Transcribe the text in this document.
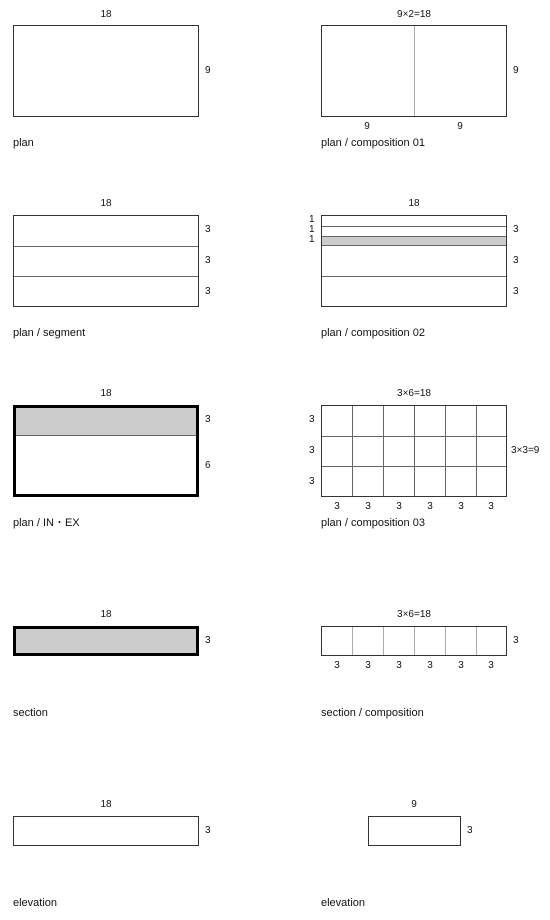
18
9
plan
9×2=18
9
9	9
plan / composition 01
18
3
3
3
plan / segment
18
1
1
1
3
3
3
plan / composition 02
18
3
6
plan / IN・EX
3×6=18
3
3
3
3×3=9
3	3	3	3	3 3
plan / composition 03
18
3
section
3×6=18
3
3	3	3	3	3 3
section / composition
18
3
elevation
9
3
elevation
